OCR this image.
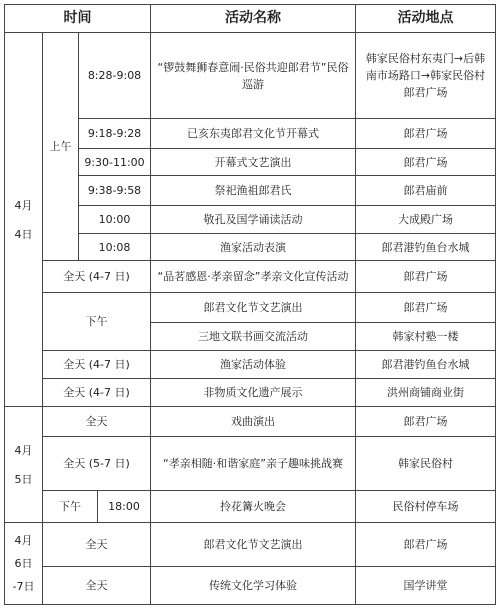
时间	活动名称	活动地点
4月
4日
4月
5日
4月
6日
-7日
上午
下午
下午
8:28-9:08
9:18-9:28
9:30-11:00
9:38-9:58
10:00
10:08
全天 (4-7 日)
全天 (4-7 日)
全天 (4-7 日)
全天
全天 (5-7 日)
18:00
全天
全天
“锣鼓舞狮春意闹·民俗共迎郎君节”民俗巡游
已亥东夷郎君文化节开幕式
开幕式文艺演出
祭祀渔祖郎君氏
敬孔及国学诵读活动
渔家活动表演
“品茗感恩·孝亲留念”孝亲文化宣传活动
郎君文化节文艺演出
三地文联书画交流活动
渔家活动体验
非物质文化遗产展示
戏曲演出
“孝亲相随·和谐家庭”亲子趣味挑战赛
拎花篝火晚会
郎君文化节文艺演出
传统文化学习体验
韩家民俗村东夷门→后韩南市场路口→韩家民俗村郎君广场
郎君广场
郎君广场
郎君庙前
大成殿广场
郎君港钓鱼台水城
郎君广场
郎君广场
韩家村塾一楼
郎君港钓鱼台水城
洪州商铺商业街
郎君广场
韩家民俗村
民俗村停车场
郎君广场
国学讲堂
